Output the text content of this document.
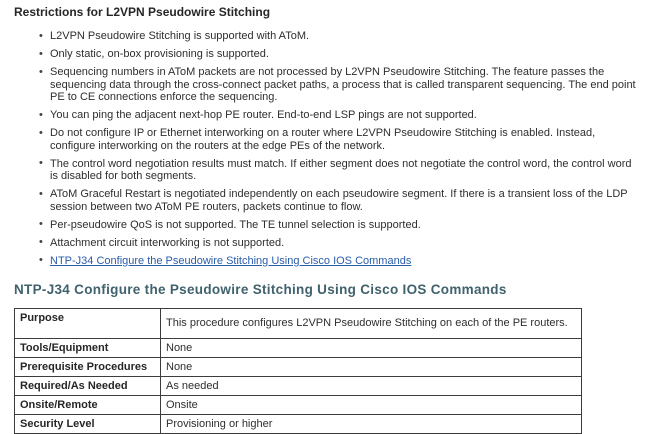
Restrictions for L2VPN Pseudowire Stitching
• L2VPN Pseudowire Stitching is supported with AToM.
• Only static, on-box provisioning is supported.
• Sequencing numbers in AToM packets are not processed by L2VPN Pseudowire Stitching. The feature passes the sequencing data through the cross-connect packet paths, a process that is called transparent sequencing. The end point PE to CE connections enforce the sequencing.
• You can ping the adjacent next-hop PE router. End-to-end LSP pings are not supported.
• Do not configure IP or Ethernet interworking on a router where L2VPN Pseudowire Stitching is enabled. Instead, configure interworking on the routers at the edge PEs of the network.
• The control word negotiation results must match. If either segment does not negotiate the control word, the control word is disabled for both segments.
• AToM Graceful Restart is negotiated independently on each pseudowire segment. If there is a transient loss of the LDP session between two AToM PE routers, packets continue to flow.
• Per-pseudowire QoS is not supported. The TE tunnel selection is supported.
• Attachment circuit interworking is not supported.
• NTP-J34 Configure the Pseudowire Stitching Using Cisco IOS Commands
NTP-J34 Configure the Pseudowire Stitching Using Cisco IOS Commands
Purpose	This procedure configures L2VPN Pseudowire Stitching on each of the PE routers.
Tools/Equipment	None
Prerequisite Procedures	None
Required/As Needed	As needed
Onsite/Remote	Onsite
Security Level	Provisioning or higher
